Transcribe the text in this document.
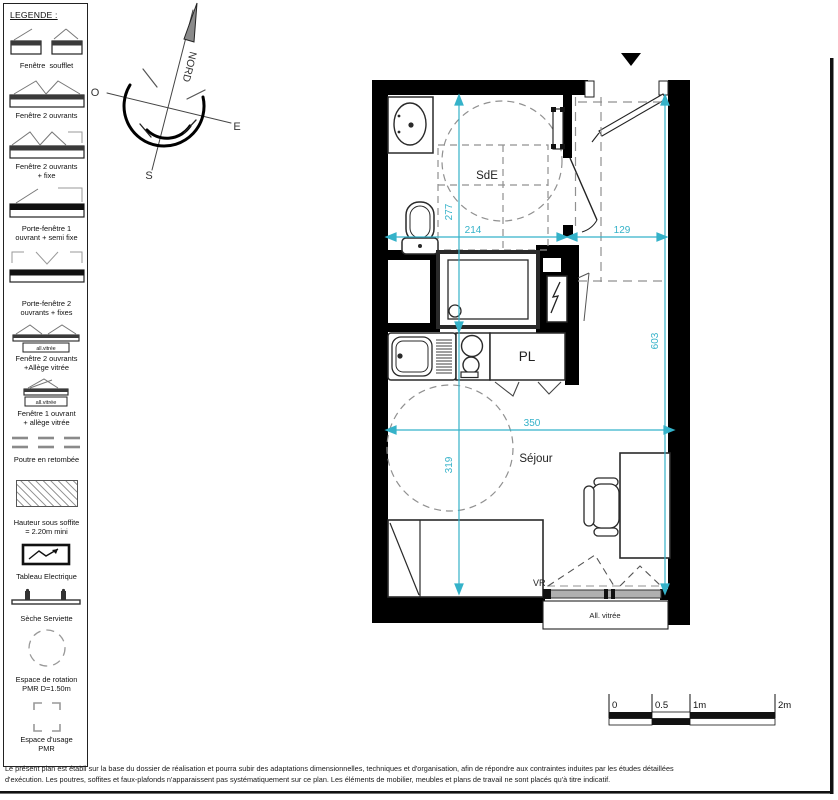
LEGENDE :
Fenêtre soufflet
Fenêtre 2 ouvrants
Fenêtre 2 ouvrants
+ fixe
Porte-fenêtre 1
ouvrant + semi fixe
Porte-fenêtre 2
ouvrants + fixes
all.vitrée
Fenêtre 2 ouvrants
+Allège vitrée
all.vitrée
Fenêtre 1 ouvrant
+ allège vitrée
Poutre en retombée
Hauteur sous soffite
= 2.20m mini
Tableau Electrique
Sèche Serviette
Espace de rotation
PMR D=1.50m
Espace d'usage
PMR
NORD
O
E
S
VR
All. vitrée
277
214	129
603
350
319
SdE
PL
Séjour
0	0.5	1m	2m
Le présent plan est établi sur la base du dossier de réalisation et pourra subir des adaptations dimensionnelles, techniques et d'organisation, afin de répondre aux contraintes induites par les études détaillées
d'exécution. Les poutres, soffites et faux-plafonds n'apparaissent pas systématiquement sur ce plan. Les éléments de mobilier, meubles et plans de travail ne sont placés qu'à titre indicatif.
